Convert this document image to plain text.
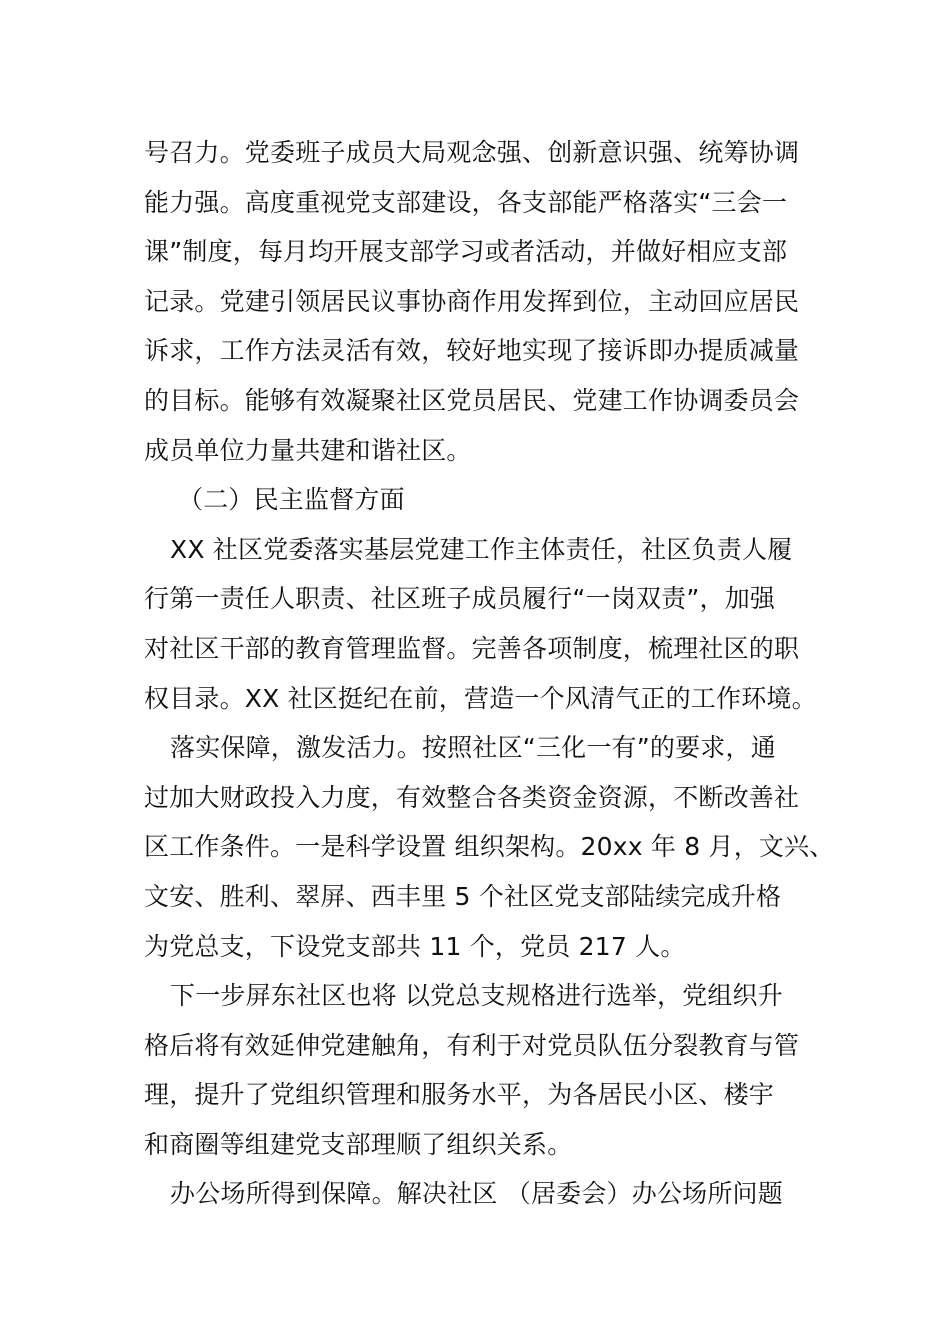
号召力。党委班子成员大局观念强、创新意识强、统筹协调
能力强。高度重视党支部建设，各支部能严格落实“三会一
课”制度，每月均开展支部学习或者活动，并做好相应支部
记录。党建引领居民议事协商作用发挥到位，主动回应居民
诉求，工作方法灵活有效，较好地实现了接诉即办提质减量
的目标。能够有效凝聚社区党员居民、党建工作协调委员会
成员单位力量共建和谐社区。
（二）民主监督方面
XX 社区党委落实基层党建工作主体责任，社区负责人履
行第一责任人职责、社区班子成员履行“一岗双责”，加强
对社区干部的教育管理监督。完善各项制度，梳理社区的职
权目录。XX 社区挺纪在前，营造一个风清气正的工作环境。
落实保障，激发活力。按照社区“三化一有”的要求，通
过加大财政投入力度，有效整合各类资金资源，不断改善社
区工作条件。一是科学设置 组织架构。20xx 年 8 月，文兴、
文安、胜利、翠屏、西丰里 5 个社区党支部陆续完成升格
为党总支，下设党支部共 11 个，党员 217 人。
下一步屏东社区也将 以党总支规格进行选举，党组织升
格后将有效延伸党建触角，有利于对党员队伍分裂教育与管
理，提升了党组织管理和服务水平，为各居民小区、楼宇
和商圈等组建党支部理顺了组织关系。
办公场所得到保障。解决社区 （居委会）办公场所问题
